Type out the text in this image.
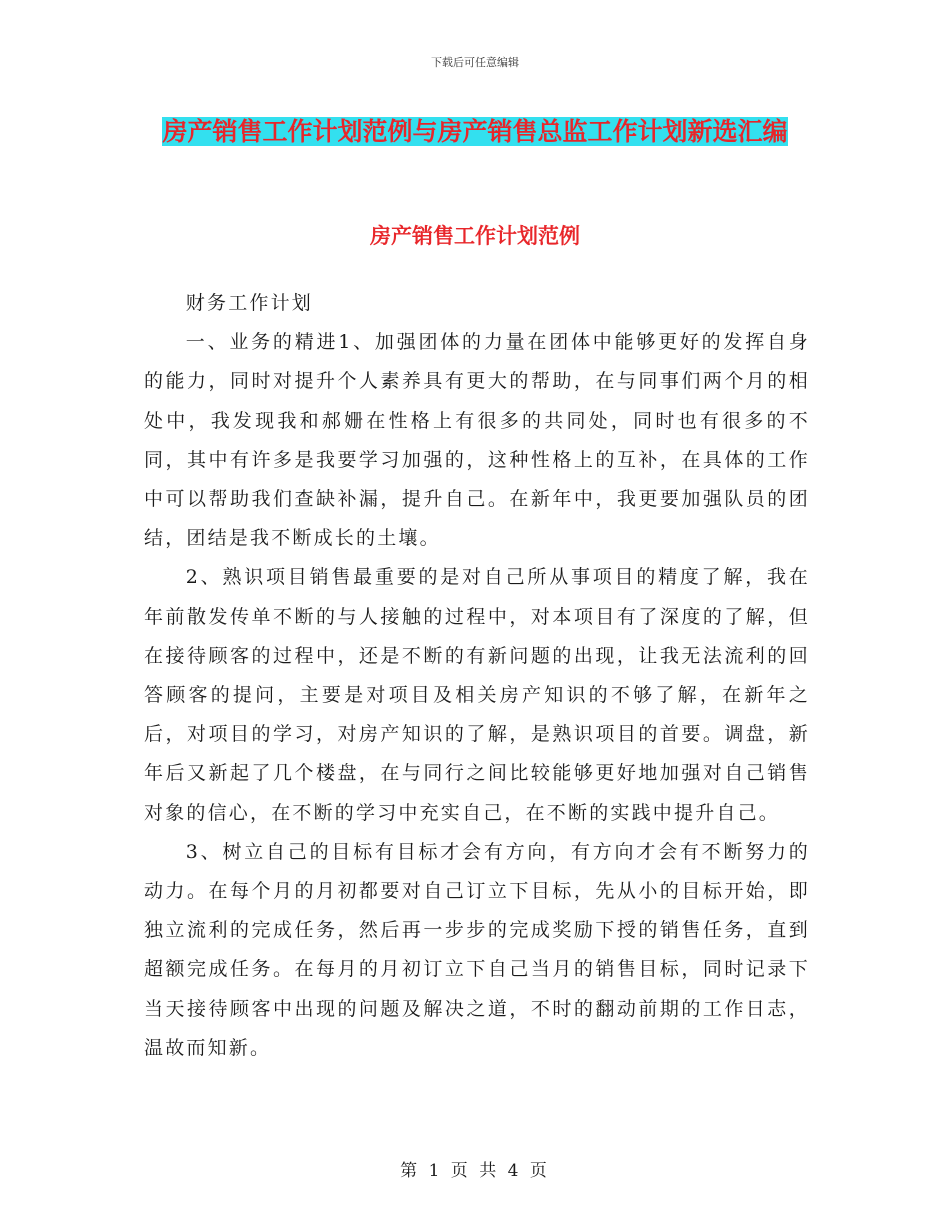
下载后可任意编辑
房产销售工作计划范例与房产销售总监工作计划新选汇编
房产销售工作计划范例

财务工作计划

一、业务的精进1、加强团体的力量在团体中能够更好的发挥自身的能力，同时对提升个人素养具有更大的帮助，在与同事们两个月的相处中，我发现我和郝姗在性格上有很多的共同处，同时也有很多的不同，其中有许多是我要学习加强的，这种性格上的互补，在具体的工作中可以帮助我们查缺补漏，提升自己。在新年中，我更要加强队员的团结，团结是我不断成长的土壤。

2、熟识项目销售最重要的是对自己所从事项目的精度了解，我在年前散发传单不断的与人接触的过程中，对本项目有了深度的了解，但在接待顾客的过程中，还是不断的有新问题的出现，让我无法流利的回答顾客的提问，主要是对项目及相关房产知识的不够了解，在新年之后，对项目的学习，对房产知识的了解，是熟识项目的首要。调盘，新年后又新起了几个楼盘，在与同行之间比较能够更好地加强对自己销售对象的信心，在不断的学习中充实自己，在不断的实践中提升自己。

3、树立自己的目标有目标才会有方向，有方向才会有不断努力的动力。在每个月的月初都要对自己订立下目标，先从小的目标开始，即独立流利的完成任务，然后再一步步的完成奖励下授的销售任务，直到超额完成任务。在每月的月初订立下自己当月的销售目标，同时记录下当天接待顾客中出现的问题及解决之道，不时的翻动前期的工作日志，温故而知新。

第 1 页 共 4 页
